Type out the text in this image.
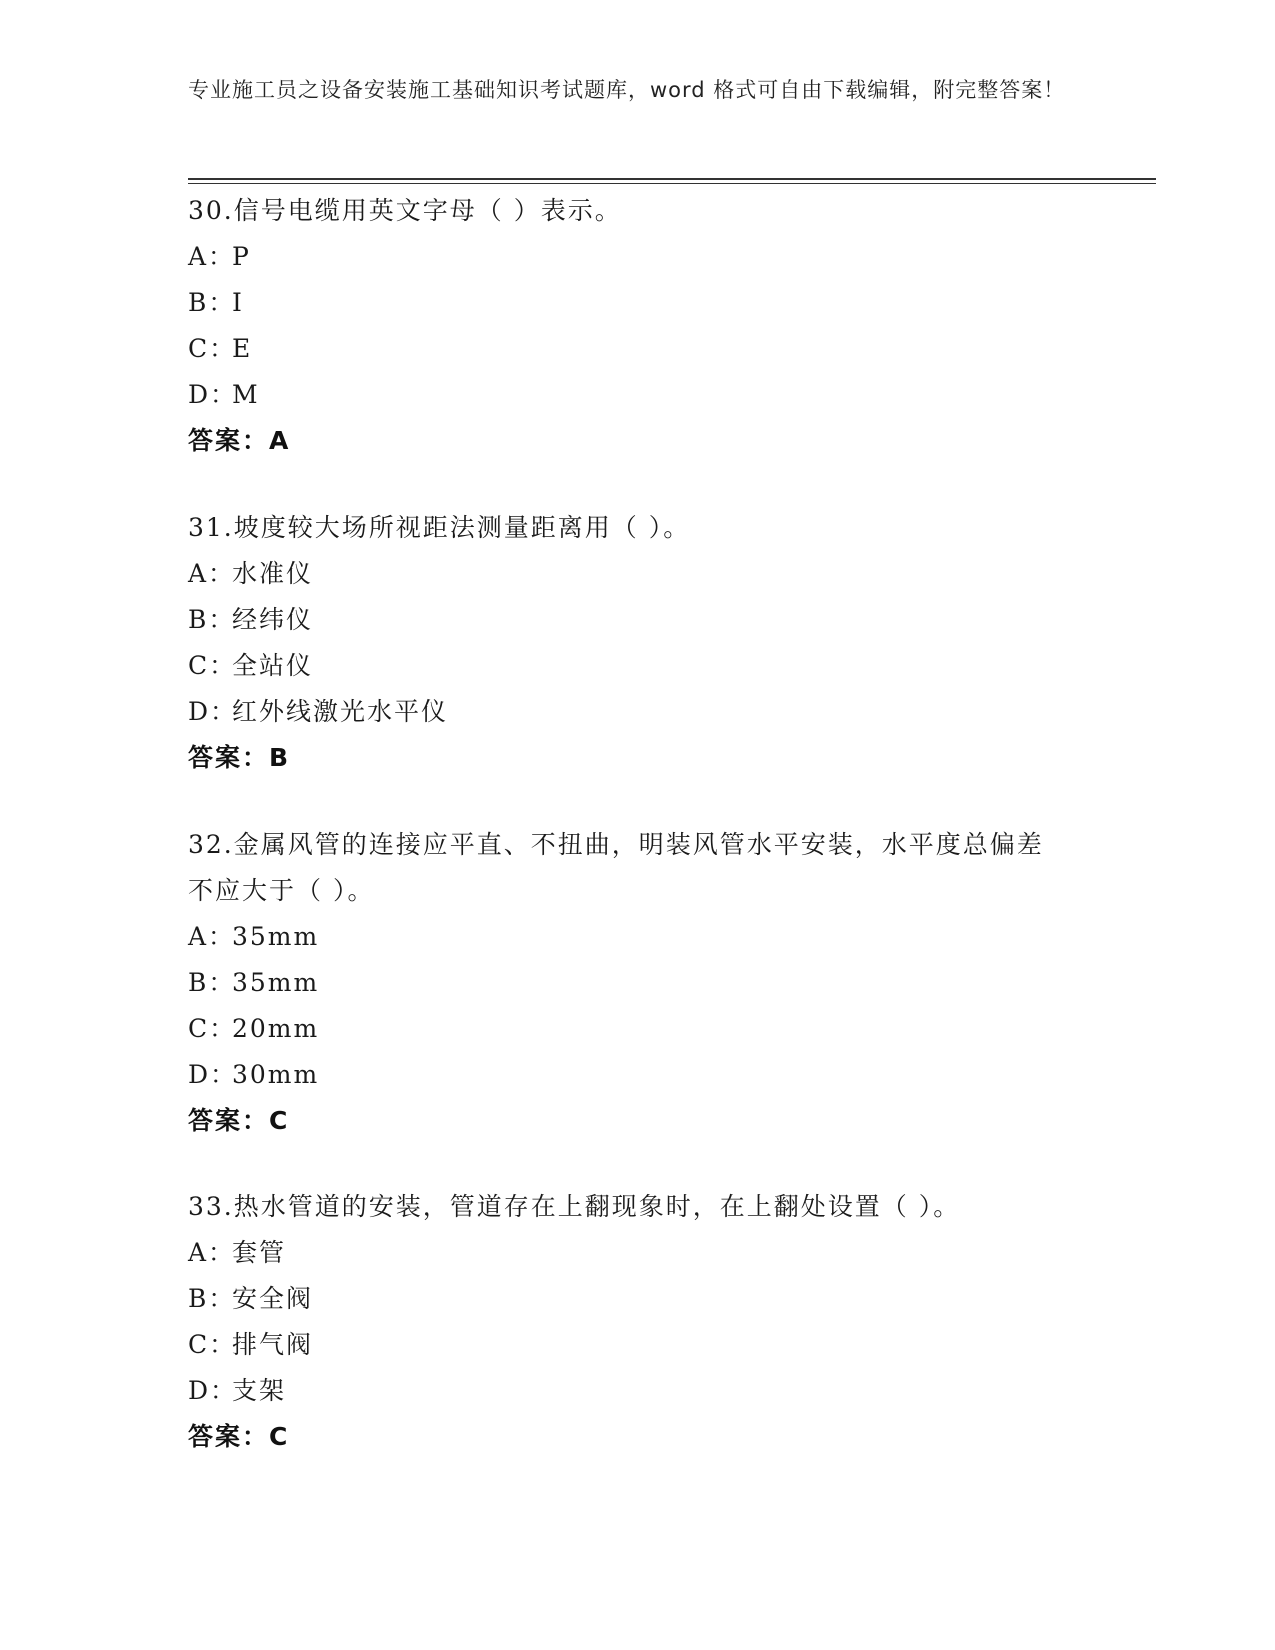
专业施工员之设备安装施工基础知识考试题库，word 格式可自由下载编辑，附完整答案！

30.信号电缆用英文字母（ ）表示。

A：P

B：I

C：E

D：M

答案：A

31.坡度较大场所视距法测量距离用（ ）。

A：水准仪

B：经纬仪

C：全站仪

D：红外线激光水平仪

答案：B

32.金属风管的连接应平直、不扭曲，明装风管水平安装，水平度总偏差不应大于（ ）。

A：35mm

B：35mm

C：20mm

D：30mm

答案：C

33.热水管道的安装，管道存在上翻现象时，在上翻处设置（ ）。

A：套管

B：安全阀

C：排气阀

D：支架

答案：C
